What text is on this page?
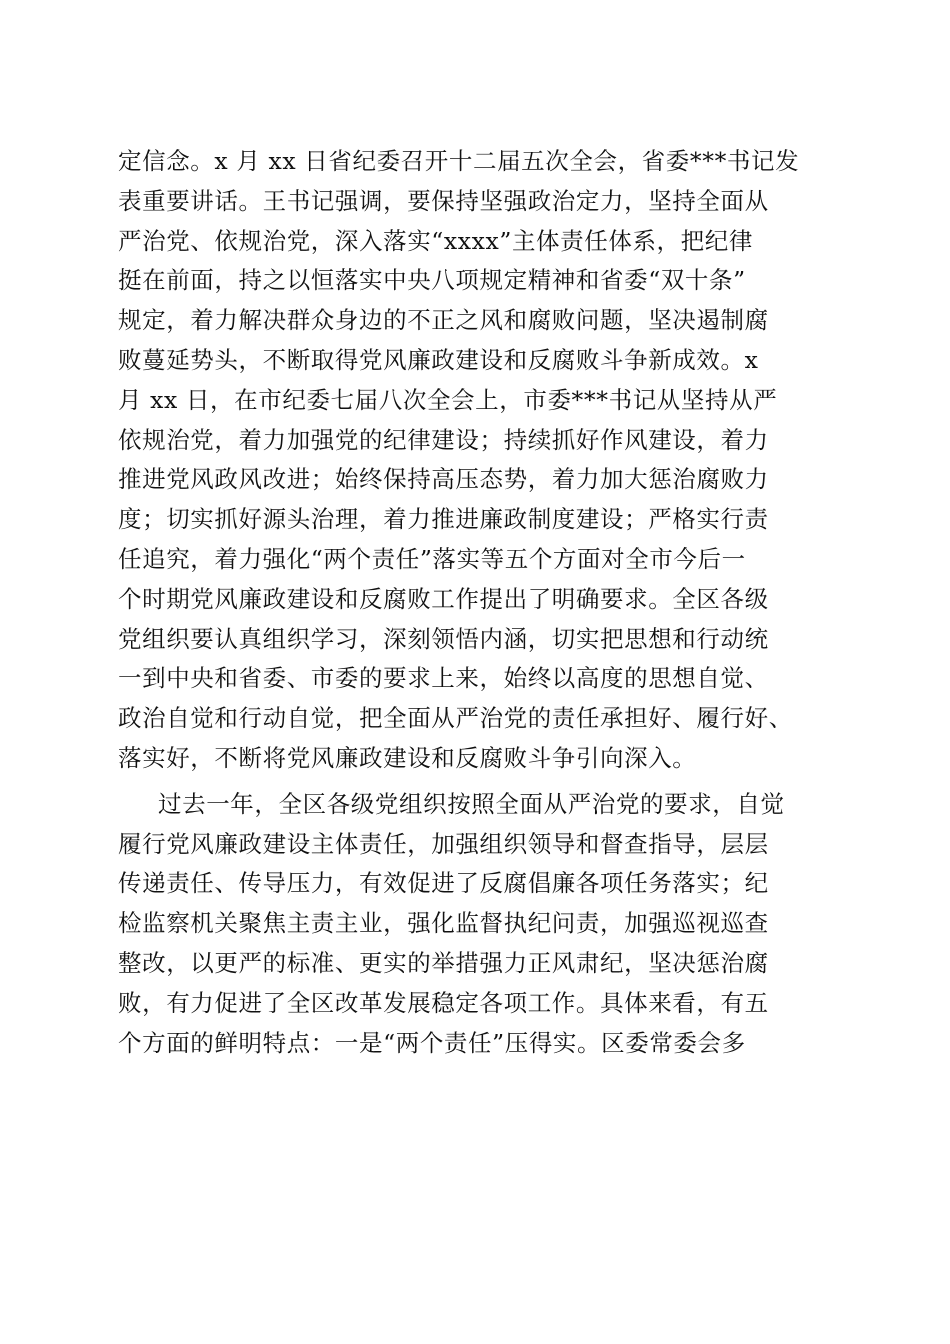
定信念。x 月 xx 日省纪委召开十二届五次全会，省委***书记发
表重要讲话。王书记强调，要保持坚强政治定力，坚持全面从
严治党、依规治党，深入落实“xxxx”主体责任体系，把纪律
挺在前面，持之以恒落实中央八项规定精神和省委“双十条”
规定，着力解决群众身边的不正之风和腐败问题，坚决遏制腐
败蔓延势头，不断取得党风廉政建设和反腐败斗争新成效。x
月 xx 日，在市纪委七届八次全会上，市委***书记从坚持从严
依规治党，着力加强党的纪律建设；持续抓好作风建设，着力
推进党风政风改进；始终保持高压态势，着力加大惩治腐败力
度；切实抓好源头治理，着力推进廉政制度建设；严格实行责
任追究，着力强化“两个责任”落实等五个方面对全市今后一
个时期党风廉政建设和反腐败工作提出了明确要求。全区各级
党组织要认真组织学习，深刻领悟内涵，切实把思想和行动统
一到中央和省委、市委的要求上来，始终以高度的思想自觉、
政治自觉和行动自觉，把全面从严治党的责任承担好、履行好、
落实好，不断将党风廉政建设和反腐败斗争引向深入。
过去一年，全区各级党组织按照全面从严治党的要求，自觉
履行党风廉政建设主体责任，加强组织领导和督查指导，层层
传递责任、传导压力，有效促进了反腐倡廉各项任务落实；纪
检监察机关聚焦主责主业，强化监督执纪问责，加强巡视巡查
整改，以更严的标准、更实的举措强力正风肃纪，坚决惩治腐
败，有力促进了全区改革发展稳定各项工作。具体来看，有五
个方面的鲜明特点：一是“两个责任”压得实。区委常委会多
